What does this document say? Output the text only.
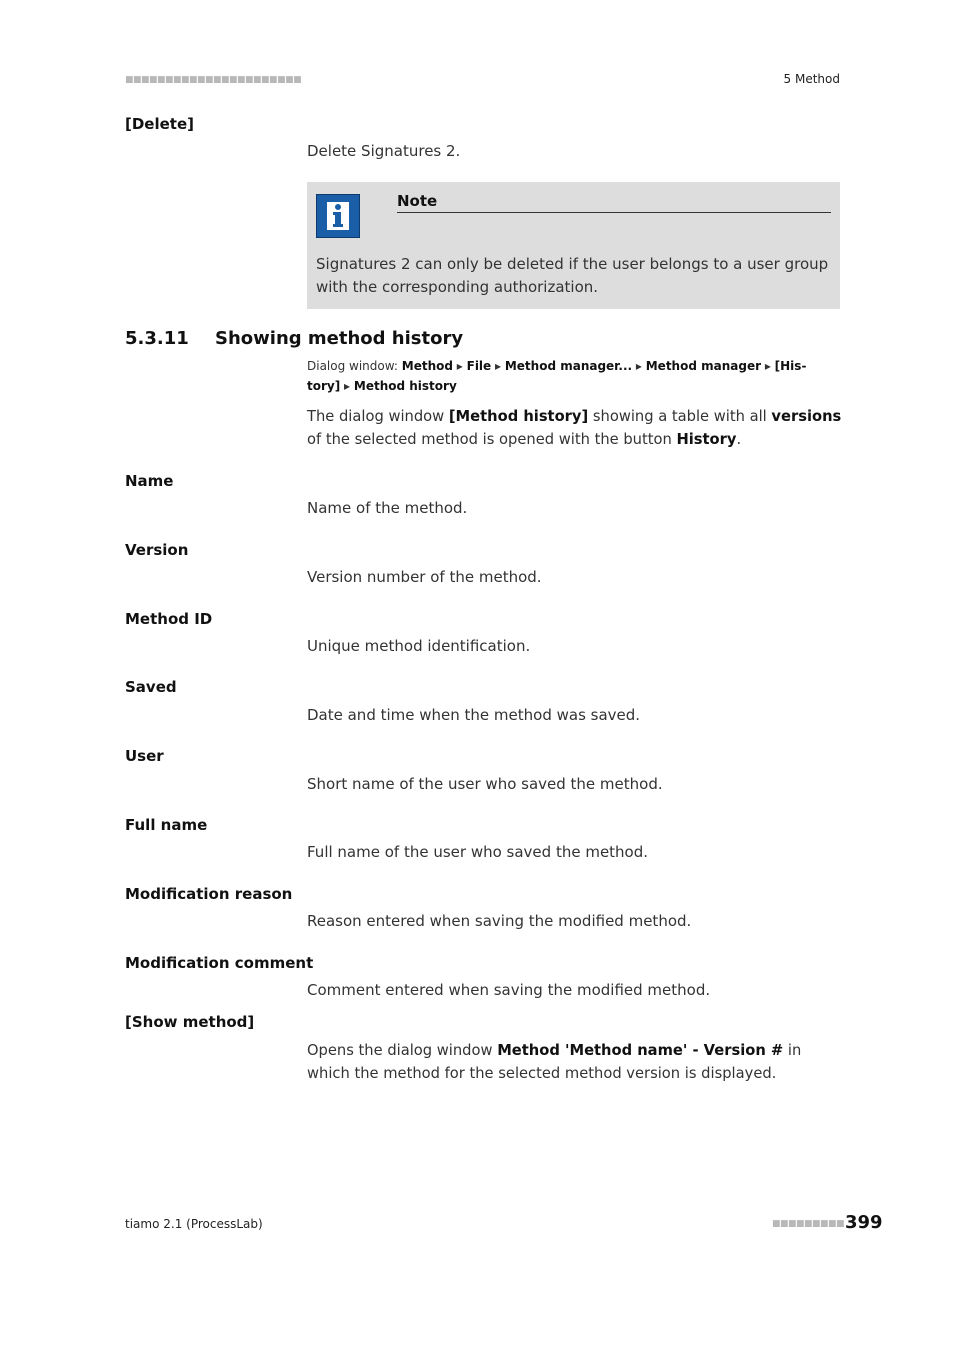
■■■■■■■■■■■■■■■■■■■■■■	5 Method
[Delete]
Delete Signatures 2.
Note
Signatures 2 can only be deleted if the user belongs to a user group with the corresponding authorization.
5.3.11 Showing method history
Dialog window: Method ▸ File ▸ Method manager... ▸ Method manager ▸ [His-tory] ▸ Method history
The dialog window [Method history] showing a table with all versions of the selected method is opened with the button History.
Name
Name of the method.
Version
Version number of the method.
Method ID
Unique method identification.
Saved
Date and time when the method was saved.
User
Short name of the user who saved the method.
Full name
Full name of the user who saved the method.
Modification reason
Reason entered when saving the modified method.
Modification comment
Comment entered when saving the modified method.
[Show method]
Opens the dialog window Method 'Method name' - Version # in which the method for the selected method version is displayed.
tiamo 2.1 (ProcessLab)	■■■■■■■■■ 399
